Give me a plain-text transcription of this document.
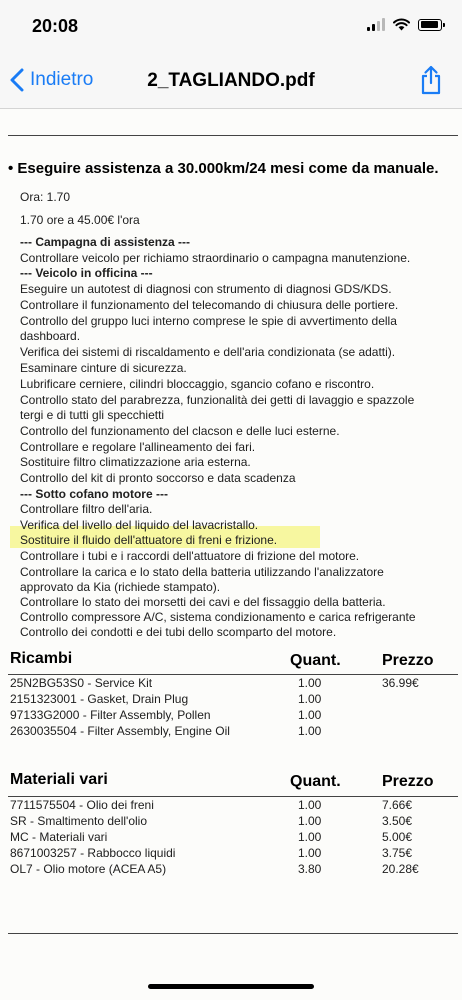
20:08
Indietro	2_TAGLIANDO.pdf
• Eseguire assistenza a 30.000km/24 mesi come da manuale.
Ora: 1.70
1.70 ore a 45.00€ l'ora
--- Campagna di assistenza ---
Controllare veicolo per richiamo straordinario o campagna manutenzione.
--- Veicolo in officina ---
Eseguire un autotest di diagnosi con strumento di diagnosi GDS/KDS.
Controllare il funzionamento del telecomando di chiusura delle portiere.
Controllo del gruppo luci interno comprese le spie di avvertimento della
dashboard.
Verifica dei sistemi di riscaldamento e dell'aria condizionata (se adatti).
Esaminare cinture di sicurezza.
Lubrificare cerniere, cilindri bloccaggio, sgancio cofano e riscontro.
Controllo stato del parabrezza, funzionalità dei getti di lavaggio e spazzole
tergi e di tutti gli specchietti
Controllo del funzionamento del clacson e delle luci esterne.
Controllare e regolare l'allineamento dei fari.
Sostituire filtro climatizzazione aria esterna.
Controllo del kit di pronto soccorso e data scadenza
--- Sotto cofano motore ---
Controllare filtro dell'aria.
Verifica del livello del liquido del lavacristallo.
Sostituire il fluido dell'attuatore di freni e frizione.
Controllare i tubi e i raccordi dell'attuatore di frizione del motore.
Controllare la carica e lo stato della batteria utilizzando l'analizzatore
approvato da Kia (richiede stampato).
Controllare lo stato dei morsetti dei cavi e del fissaggio della batteria.
Controllo compressore A/C, sistema condizionamento e carica refrigerante
Controllo dei condotti e dei tubi dello scomparto del motore.
Ricambi	Quant.	Prezzo
25N2BG53S0 - Service Kit	1.00	36.99€
2151323001 - Gasket, Drain Plug	1.00
97133G2000 - Filter Assembly, Pollen	1.00
2630035504 - Filter Assembly, Engine Oil	1.00
Materiali vari	Quant.	Prezzo
7711575504 - Olio dei freni	1.00	7.66€
SR - Smaltimento dell'olio	1.00	3.50€
MC - Materiali vari	1.00	5.00€
8671003257 - Rabbocco liquidi	1.00	3.75€
OL7 - Olio motore (ACEA A5)	3.80	20.28€
